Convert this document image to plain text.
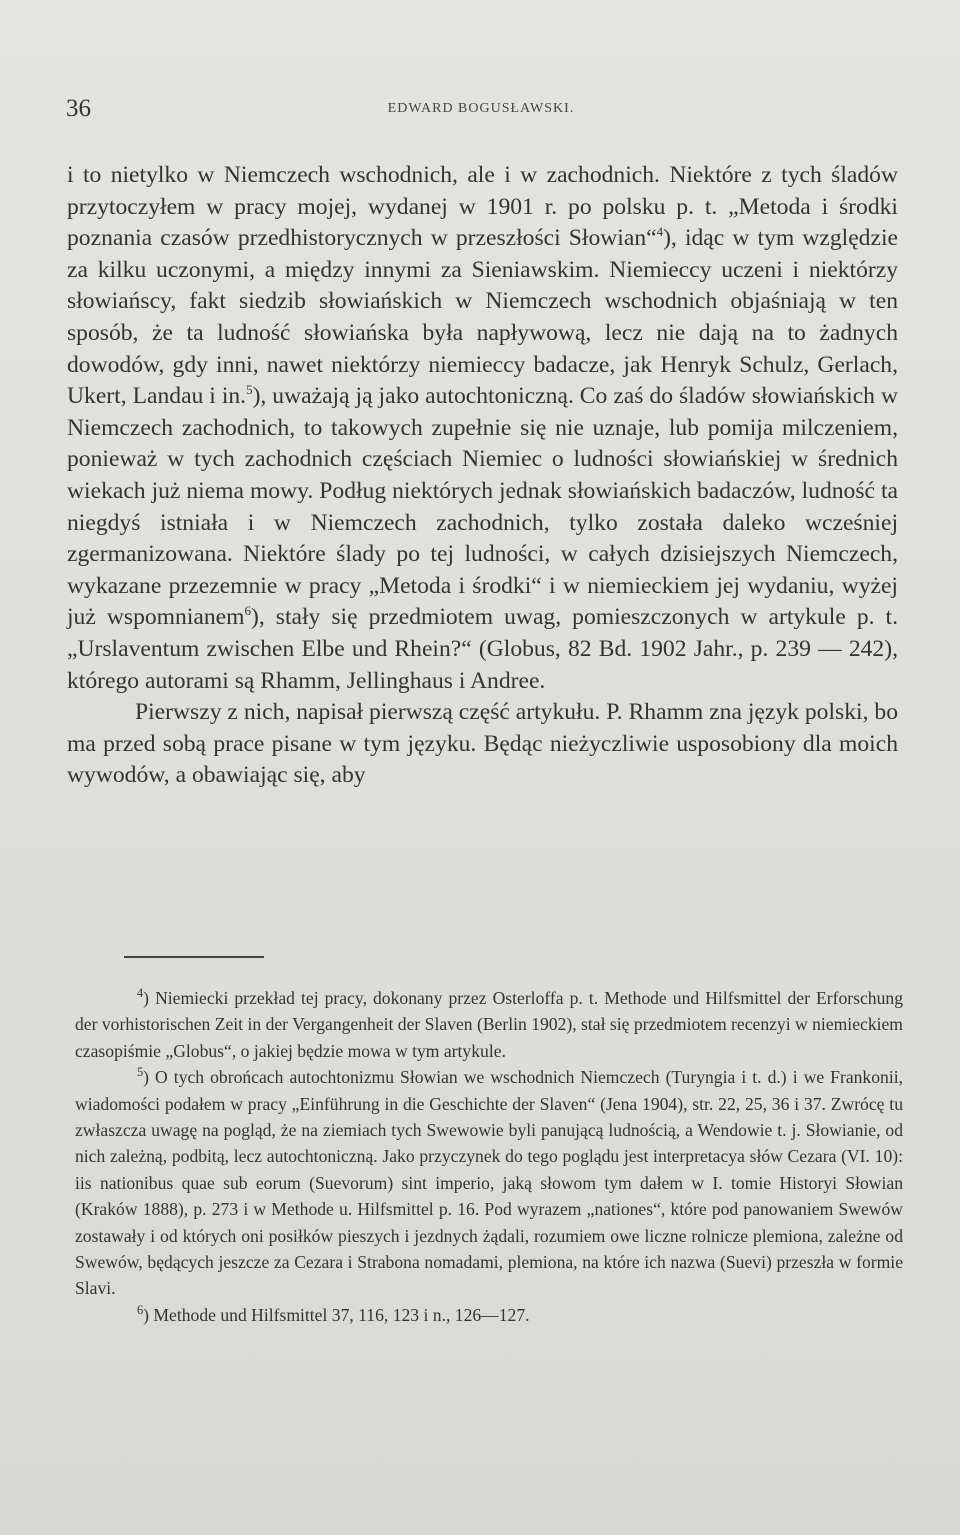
36	EDWARD BOGUSŁAWSKI.

i to nietylko w Niemczech wschodnich, ale i w zachodnich. Niektóre z tych śladów przytoczyłem w pracy mojej, wydanej w 1901 r. po polsku p. t. „Metoda i środki poznania czasów przedhistorycznych w przeszłości Słowian“$^4$), idąc w tym względzie za kilku uczonymi, a między innymi za Sieniawskim. Niemieccy uczeni i niektórzy słowiańscy, fakt siedzib słowiańskich w Niemczech wschodnich objaśniają w ten sposób, że ta ludność słowiańska była napływową, lecz nie dają na to żadnych dowodów, gdy inni, nawet niektórzy niemieccy badacze, jak Henryk Schulz, Gerlach, Ukert, Landau i in.$^5$), uważają ją jako autochtoniczną. Co zaś do śladów słowiańskich w Niemczech zachodnich, to takowych zupełnie się nie uznaje, lub pomija milczeniem, ponieważ w tych zachodnich częściach Niemiec o ludności słowiańskiej w średnich wiekach już niema mowy. Podług niektórych jednak słowiańskich badaczów, ludność ta niegdyś istniała i w Niemczech zachodnich, tylko została daleko wcześniej zgermanizowana. Niektóre ślady po tej ludności, w całych dzisiejszych Niemczech, wykazane przezemnie w pracy „Metoda i środki“ i w niemieckiem jej wydaniu, wyżej już wspomnianem$^6$), stały się przedmiotem uwag, pomieszczonych w artykule p. t. „Urslaventum zwischen Elbe und Rhein?“ (Globus, 82 Bd. 1902 Jahr., p. 239 — 242), którego autorami są Rhamm, Jellinghaus i Andree.

Pierwszy z nich, napisał pierwszą część artykułu. P. Rhamm zna język polski, bo ma przed sobą prace pisane w tym języku. Będąc nieżyczliwie usposobiony dla moich wywodów, a obawiając się, aby

$^4$) Niemiecki przekład tej pracy, dokonany przez Osterloffa p. t. Methode und Hilfsmittel der Erforschung der vorhistorischen Zeit in der Vergangenheit der Slaven (Berlin 1902), stał się przedmiotem recenzyi w niemieckiem czasopiśmie „Globus“, o jakiej będzie mowa w tym artykule.

$^5$) O tych obrońcach autochtonizmu Słowian we wschodnich Niemczech (Turyngia i t. d.) i we Frankonii, wiadomości podałem w pracy „Einführung in die Geschichte der Slaven“ (Jena 1904), str. 22, 25, 36 i 37. Zwrócę tu zwłaszcza uwagę na pogląd, że na ziemiach tych Swewowie byli panującą ludnością, a Wendowie t. j. Słowianie, od nich zależną, podbitą, lecz autochtoniczną. Jako przyczynek do tego poglądu jest interpretacya słów Cezara (VI. 10): iis nationibus quae sub eorum (Suevorum) sint imperio, jaką słowom tym dałem w I. tomie Historyi Słowian (Kraków 1888), p. 273 i w Methode u. Hilfsmittel p. 16. Pod wyrazem „nationes“, które pod panowaniem Swewów zostawały i od których oni posiłków pieszych i jezdnych żądali, rozumiem owe liczne rolnicze plemiona, zależne od Swewów, będących jeszcze za Cezara i Strabona nomadami, plemiona, na które ich nazwa (Suevi) przeszła w formie Slavi.

$^6$) Methode und Hilfsmittel 37, 116, 123 i n., 126—127.
